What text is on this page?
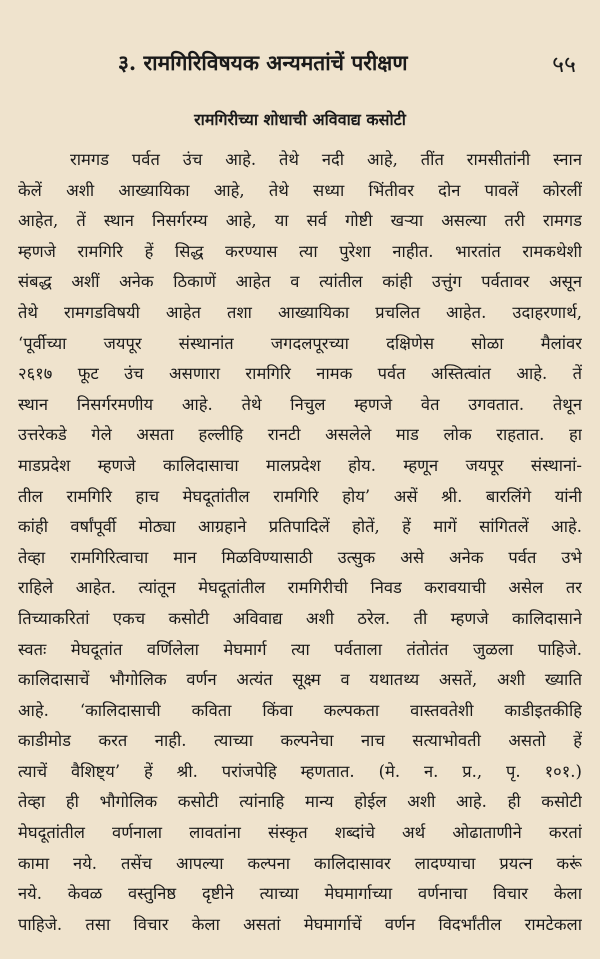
३. रामगिरिविषयक अन्यमतांचें परीक्षण	५५
रामगिरीच्या शोधाची अविवाद्य कसोटी
रामगड पर्वत उंच आहे. तेथे नदी आहे, तींत रामसीतांनी स्नान
केलें अशी आख्यायिका आहे, तेथे सध्या भिंतीवर दोन पावलें कोरलीं
आहेत, तें स्थान निसर्गरम्य आहे, या सर्व गोष्टी खऱ्या असल्या तरी रामगड
म्हणजे रामगिरि हें सिद्ध करण्यास त्या पुरेशा नाहीत. भारतांत रामकथेशी
संबद्ध अशीं अनेक ठिकाणें आहेत व त्यांतील कांही उत्तुंग पर्वतावर असून
तेथे रामगडविषयी आहेत तशा आख्यायिका प्रचलित आहेत. उदाहरणार्थ,
‘पूर्वीच्या जयपूर संस्थानांत जगदलपूरच्या दक्षिणेस सोळा मैलांवर
२६१७ फूट उंच असणारा रामगिरि नामक पर्वत अस्तित्वांत आहे. तें
स्थान निसर्गरमणीय आहे. तेथे निचुल म्हणजे वेत उगवतात. तेथून
उत्तरेकडे गेले असता हल्लीहि रानटी असलेले माड लोक राहतात. हा
माडप्रदेश म्हणजे कालिदासाचा मालप्रदेश होय. म्हणून जयपूर संस्थानां-
तील रामगिरि हाच मेघदूतांतील रामगिरि होय’ असें श्री. बारलिंगे यांनी
कांही वर्षांपूर्वी मोठ्या आग्रहाने प्रतिपादिलें होतें, हें मागें सांगितलें आहे.
तेव्हा रामगिरित्वाचा मान मिळविण्यासाठी उत्सुक असे अनेक पर्वत उभे
राहिले आहेत. त्यांतून मेघदूतांतील रामगिरीची निवड करावयाची असेल तर
तिच्याकरितां एकच कसोटी अविवाद्य अशी ठरेल. ती म्हणजे कालिदासाने
स्वतः मेघदूतांत वर्णिलेला मेघमार्ग त्या पर्वताला तंतोतंत जुळला पाहिजे.
कालिदासाचें भौगोलिक वर्णन अत्यंत सूक्ष्म व यथातथ्य असतें, अशी ख्याति
आहे. ‘कालिदासाची कविता किंवा कल्पकता वास्तवतेशी काडीइतकीहि
काडीमोड करत नाही. त्याच्या कल्पनेचा नाच सत्याभोवती असतो हें
त्याचें वैशिष्ट्य’ हें श्री. परांजपेहि म्हणतात. (मे. न. प्र., पृ. १०१.)
तेव्हा ही भौगोलिक कसोटी त्यांनाहि मान्य होईल अशी आहे. ही कसोटी
मेघदूतांतील वर्णनाला लावतांना संस्कृत शब्दांचे अर्थ ओढाताणीने करतां
कामा नये. तसेंच आपल्या कल्पना कालिदासावर लादण्याचा प्रयत्न करूं
नये. केवळ वस्तुनिष्ठ दृष्टीने त्याच्या मेघमार्गाच्या वर्णनाचा विचार केला
पाहिजे. तसा विचार केला असतां मेघमार्गाचें वर्णन विदर्भांतील रामटेकला
